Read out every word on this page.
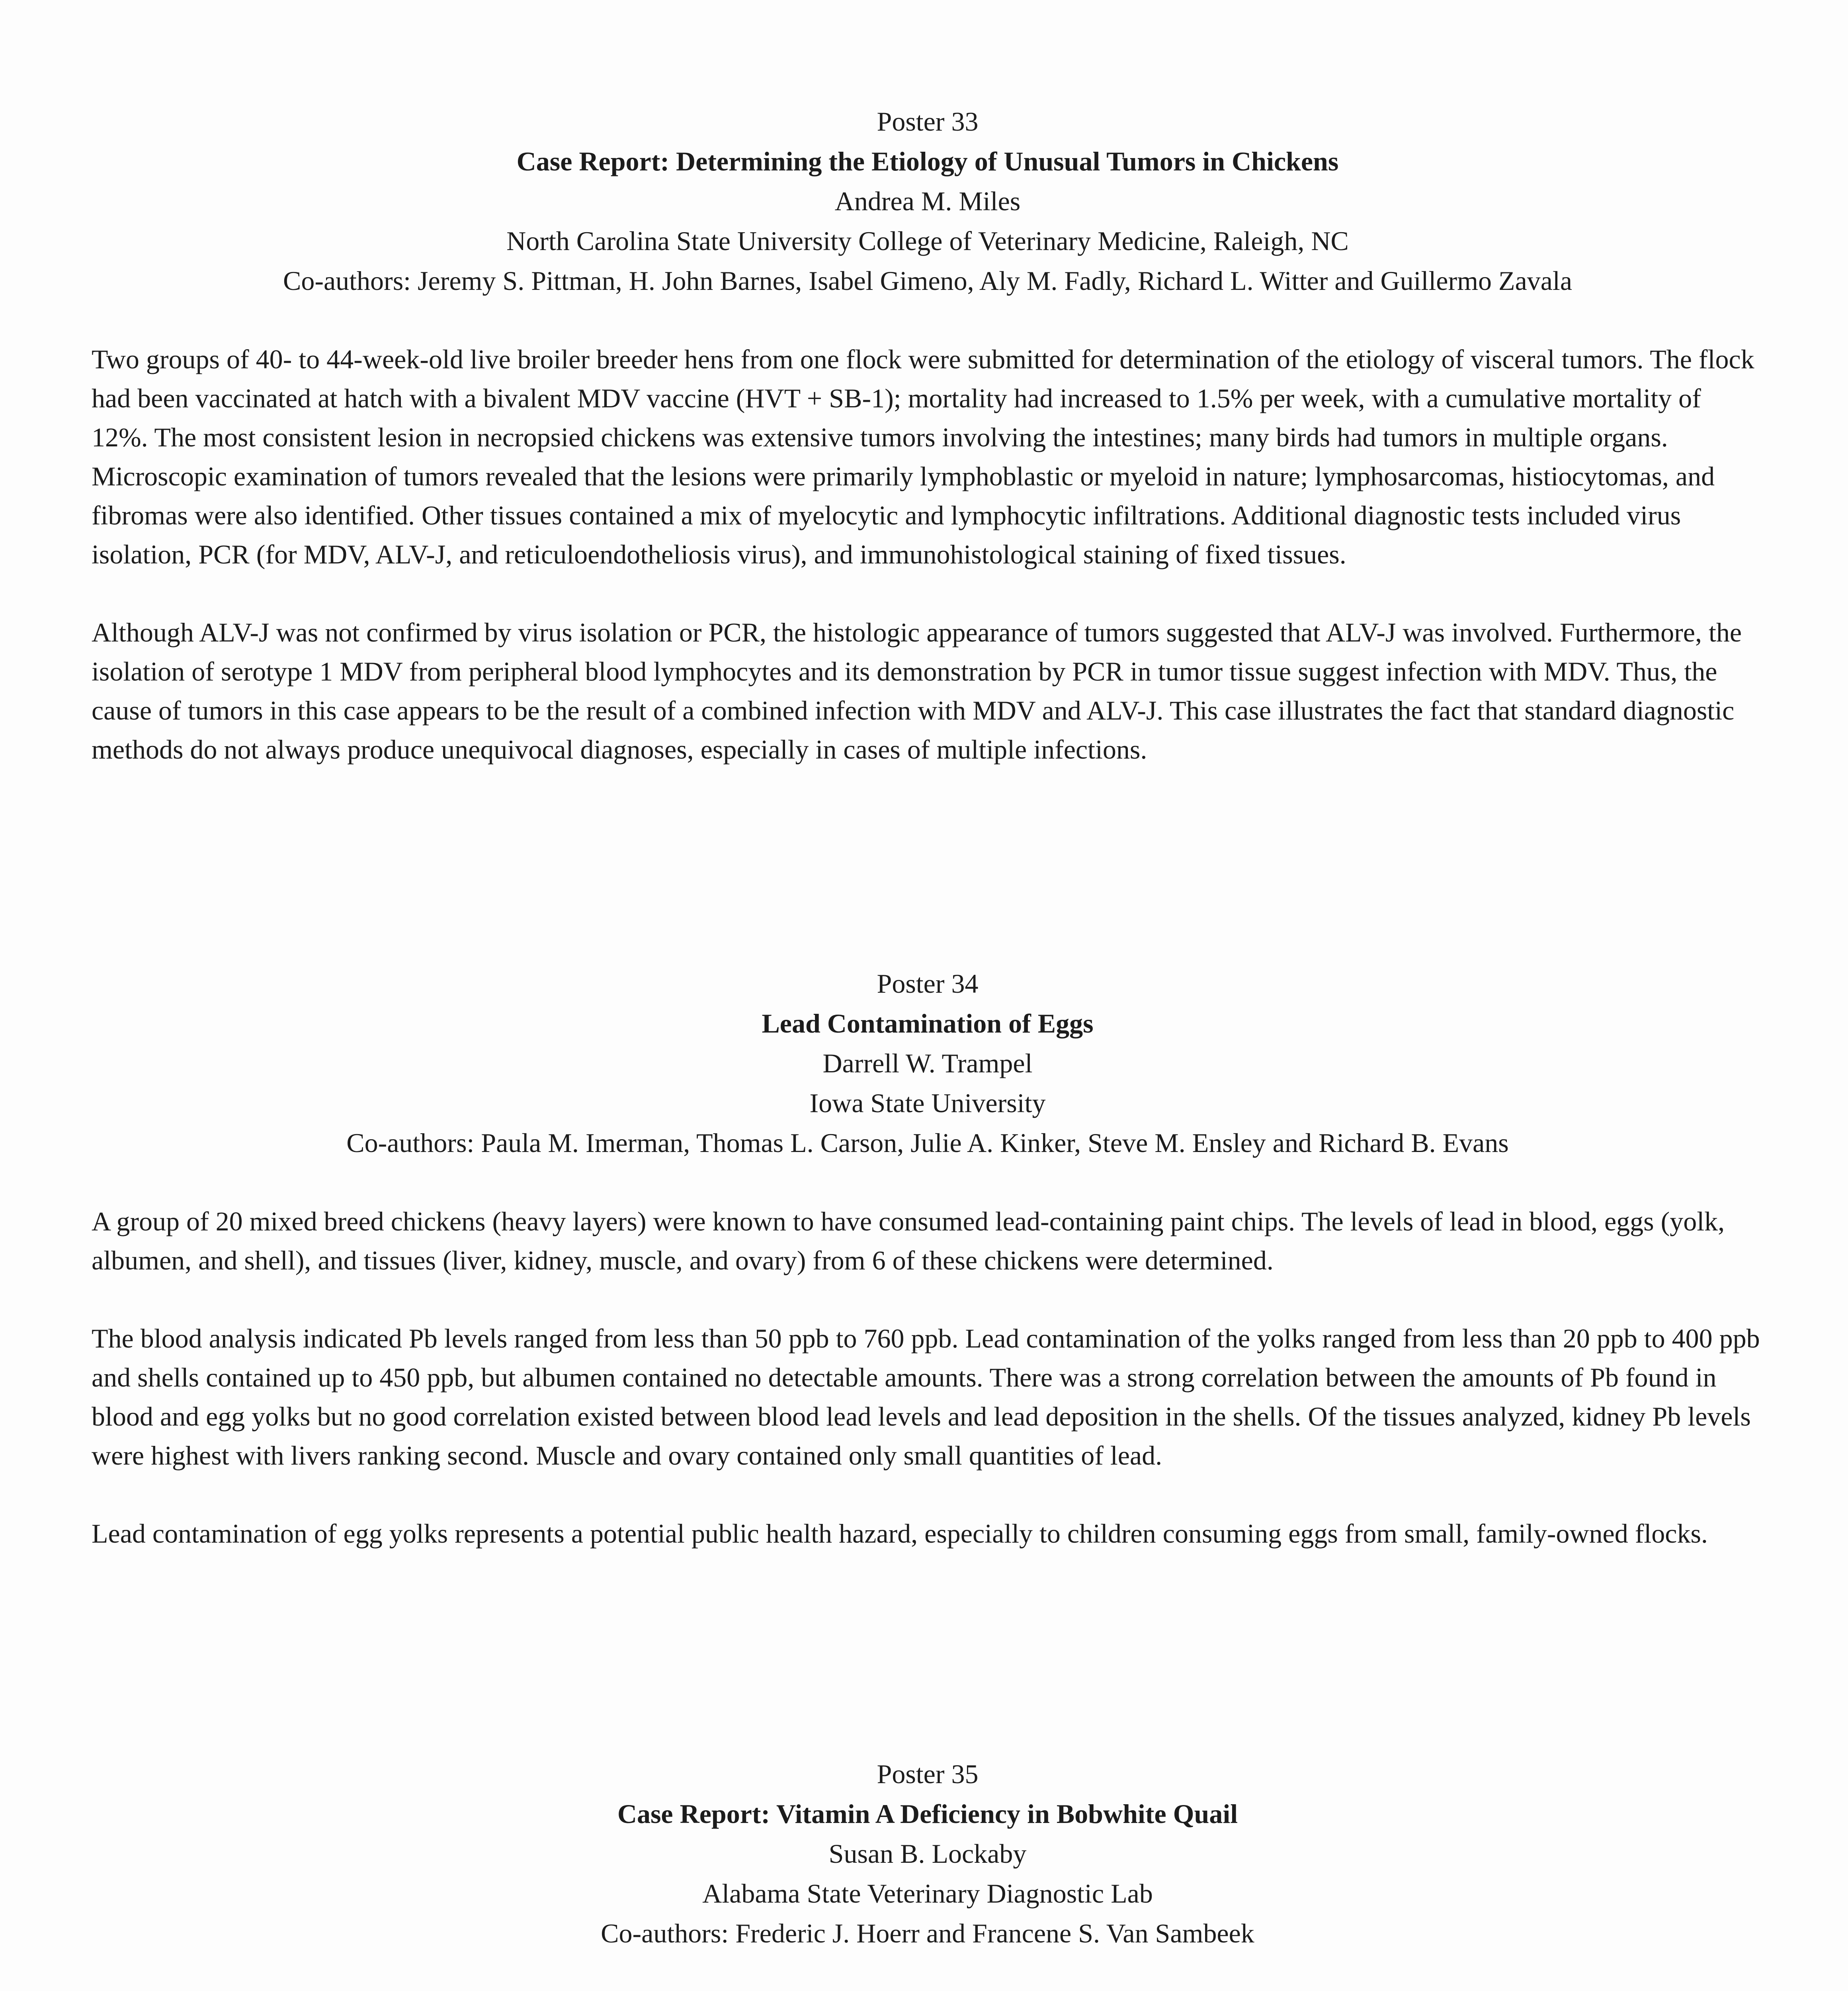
Poster 33
Case Report: Determining the Etiology of Unusual Tumors in Chickens
Andrea M. Miles
North Carolina State University College of Veterinary Medicine, Raleigh, NC
Co-authors: Jeremy S. Pittman, H. John Barnes, Isabel Gimeno, Aly M. Fadly, Richard L. Witter and Guillermo Zavala

Two groups of 40- to 44-week-old live broiler breeder hens from one flock were submitted for determination of the etiology of visceral tumors. The flock had been vaccinated at hatch with a bivalent MDV vaccine (HVT + SB-1); mortality had increased to 1.5% per week, with a cumulative mortality of 12%. The most consistent lesion in necropsied chickens was extensive tumors involving the intestines; many birds had tumors in multiple organs. Microscopic examination of tumors revealed that the lesions were primarily lymphoblastic or myeloid in nature; lymphosarcomas, histiocytomas, and fibromas were also identified. Other tissues contained a mix of myelocytic and lymphocytic infiltrations. Additional diagnostic tests included virus isolation, PCR (for MDV, ALV-J, and reticuloendotheliosis virus), and immunohistological staining of fixed tissues.

Although ALV-J was not confirmed by virus isolation or PCR, the histologic appearance of tumors suggested that ALV-J was involved. Furthermore, the isolation of serotype 1 MDV from peripheral blood lymphocytes and its demonstration by PCR in tumor tissue suggest infection with MDV. Thus, the cause of tumors in this case appears to be the result of a combined infection with MDV and ALV-J. This case illustrates the fact that standard diagnostic methods do not always produce unequivocal diagnoses, especially in cases of multiple infections.

Poster 34
Lead Contamination of Eggs
Darrell W. Trampel
Iowa State University
Co-authors: Paula M. Imerman, Thomas L. Carson, Julie A. Kinker, Steve M. Ensley and Richard B. Evans

A group of 20 mixed breed chickens (heavy layers) were known to have consumed lead-containing paint chips. The levels of lead in blood, eggs (yolk, albumen, and shell), and tissues (liver, kidney, muscle, and ovary) from 6 of these chickens were determined.

The blood analysis indicated Pb levels ranged from less than 50 ppb to 760 ppb. Lead contamination of the yolks ranged from less than 20 ppb to 400 ppb and shells contained up to 450 ppb, but albumen contained no detectable amounts. There was a strong correlation between the amounts of Pb found in blood and egg yolks but no good correlation existed between blood lead levels and lead deposition in the shells. Of the tissues analyzed, kidney Pb levels were highest with livers ranking second. Muscle and ovary contained only small quantities of lead.

Lead contamination of egg yolks represents a potential public health hazard, especially to children consuming eggs from small, family-owned flocks.

Poster 35
Case Report: Vitamin A Deficiency in Bobwhite Quail
Susan B. Lockaby
Alabama State Veterinary Diagnostic Lab
Co-authors: Frederic J. Hoerr and Francene S. Van Sambeek
